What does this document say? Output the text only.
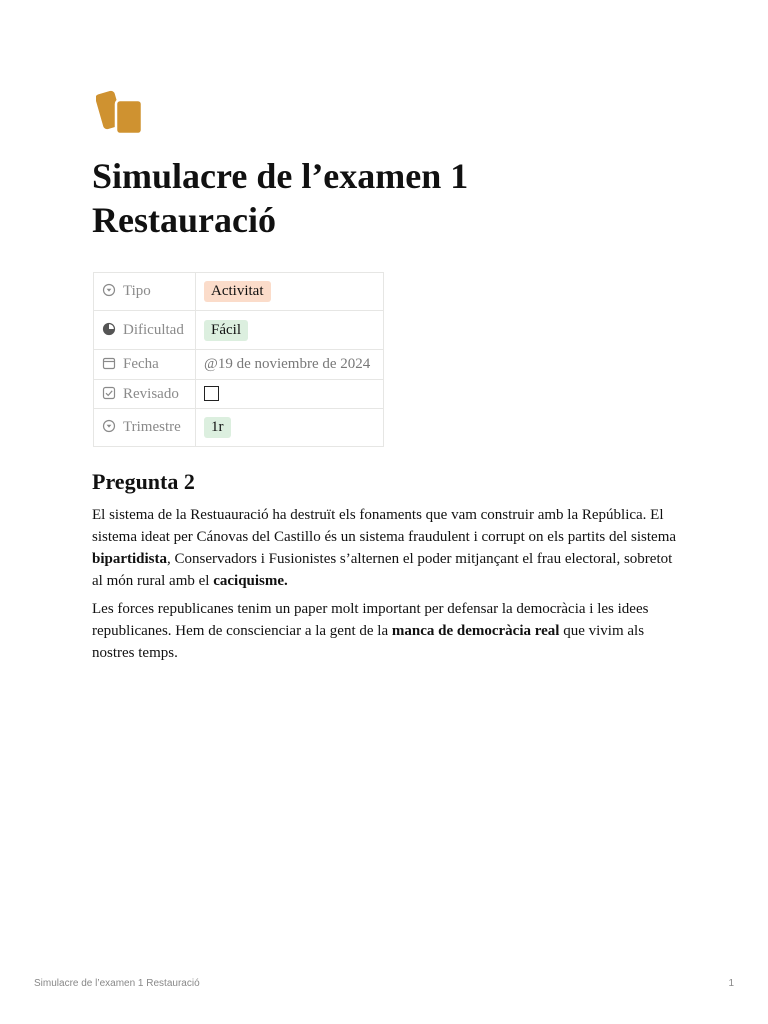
Simulacre de l’examen 1
Restauració
Tipo	Activitat
Dificultad	Fácil
Fecha	@19 de noviembre de 2024
Revisado	
Trimestre	1r
Pregunta 2

El sistema de la Restuauració ha destruït els fonaments que vam construir amb la República. El sistema ideat per Cánovas del Castillo és un sistema fraudulent i corrupt on els partits del sistema bipartidista, Conservadors i Fusionistes s’alternen el poder mitjançant el frau electoral, sobretot al món rural amb el caciquisme.

Les forces republicanes tenim un paper molt important per defensar la democràcia i les idees republicanes. Hem de conscienciar a la gent de la manca de democràcia real que vivim als nostres temps.

Simulacre de l’examen 1 Restauració	1
